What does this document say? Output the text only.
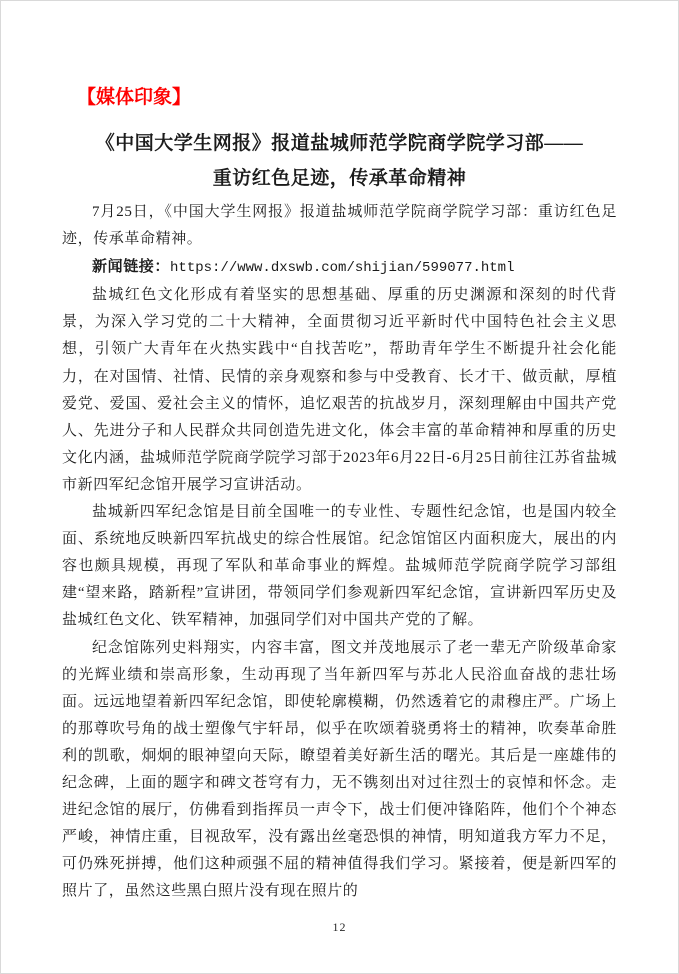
【媒体印象】
《中国大学生网报》报道盐城师范学院商学院学习部——
重访红色足迹，传承革命精神

7月25日，《中国大学生网报》报道盐城师范学院商学院学习部：重访红色足迹，传承革命精神。

新闻链接：https://www.dxswb.com/shijian/599077.html

盐城红色文化形成有着坚实的思想基础、厚重的历史渊源和深刻的时代背景，为深入学习党的二十大精神，全面贯彻习近平新时代中国特色社会主义思想，引领广大青年在火热实践中“自找苦吃”，帮助青年学生不断提升社会化能力，在对国情、社情、民情的亲身观察和参与中受教育、长才干、做贡献，厚植爱党、爱国、爱社会主义的情怀，追忆艰苦的抗战岁月，深刻理解由中国共产党人、先进分子和人民群众共同创造先进文化，体会丰富的革命精神和厚重的历史文化内涵，盐城师范学院商学院学习部于2023年6月22日-6月25日前往江苏省盐城市新四军纪念馆开展学习宣讲活动。

盐城新四军纪念馆是目前全国唯一的专业性、专题性纪念馆，也是国内较全面、系统地反映新四军抗战史的综合性展馆。纪念馆馆区内面积庞大，展出的内容也颇具规模，再现了军队和革命事业的辉煌。盐城师范学院商学院学习部组建“望来路，踏新程”宣讲团，带领同学们参观新四军纪念馆，宣讲新四军历史及盐城红色文化、铁军精神，加强同学们对中国共产党的了解。

纪念馆陈列史料翔实，内容丰富，图文并茂地展示了老一辈无产阶级革命家的光辉业绩和崇高形象，生动再现了当年新四军与苏北人民浴血奋战的悲壮场面。远远地望着新四军纪念馆，即使轮廓模糊，仍然透着它的肃穆庄严。广场上的那尊吹号角的战士塑像气宇轩昂，似乎在吹颂着骁勇将士的精神，吹奏革命胜利的凯歌，炯炯的眼神望向天际，瞭望着美好新生活的曙光。其后是一座雄伟的纪念碑，上面的题字和碑文苍穹有力，无不镌刻出对过往烈士的哀悼和怀念。走进纪念馆的展厅，仿佛看到指挥员一声令下，战士们便冲锋陷阵，他们个个神态严峻，神情庄重，目视敌军，没有露出丝毫恐惧的神情，明知道我方军力不足，可仍殊死拼搏，他们这种顽强不屈的精神值得我们学习。紧接着，便是新四军的照片了，虽然这些黑白照片没有现在照片的

12
